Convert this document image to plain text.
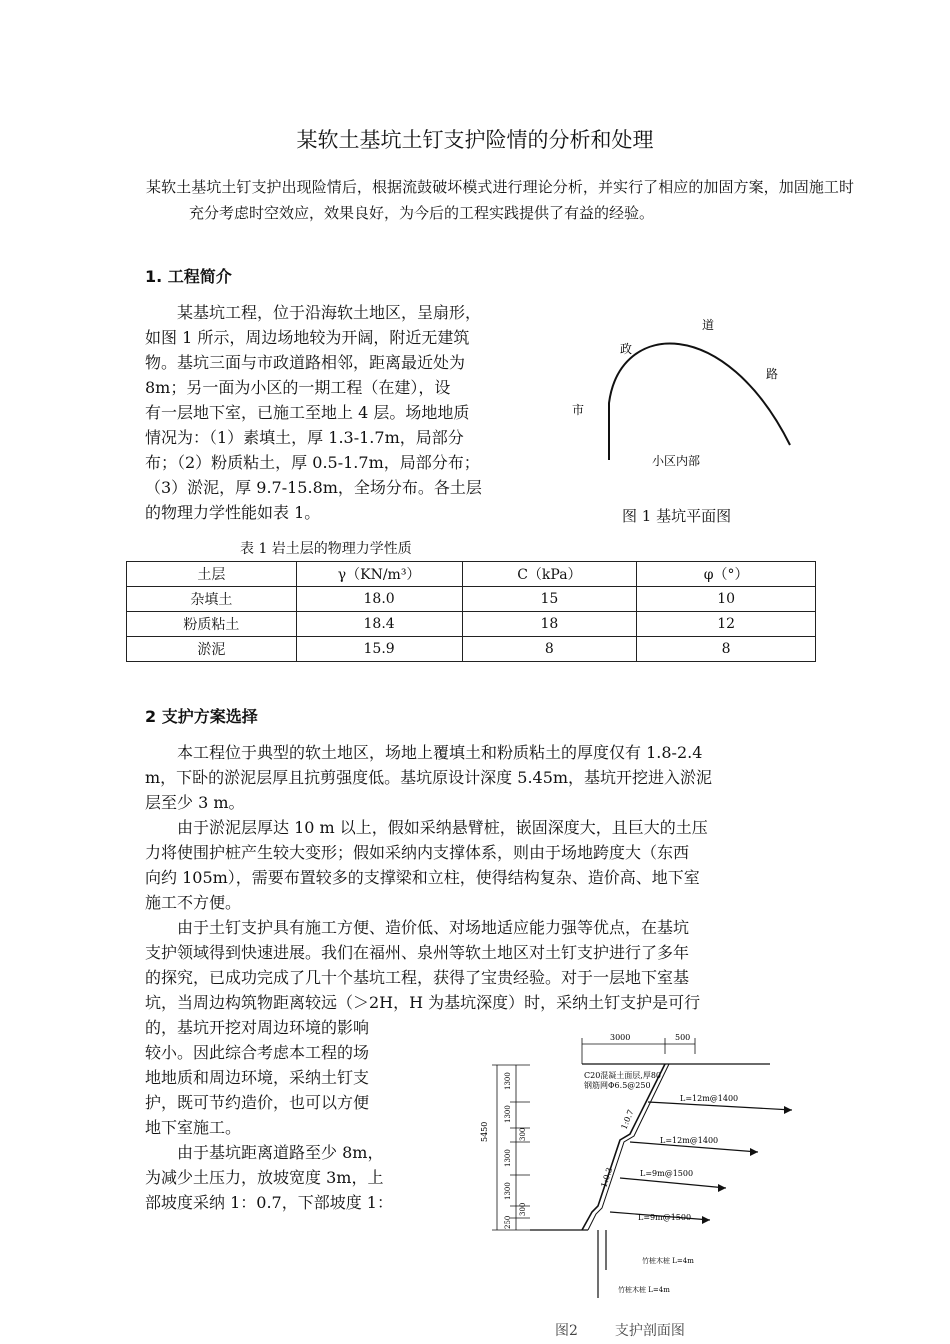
某软土基坑土钉支护险情的分析和处理
某软土基坑土钉支护出现险情后，根据流鼓破坏模式进行理论分析，并实行了相应的加固方案，加固施工时充分考虑时空效应，效果良好，为今后的工程实践提供了有益的经验。
1. 工程简介
某基坑工程，位于沿海软土地区，呈扇形，
如图 1 所示，周边场地较为开阔，附近无建筑
物。基坑三面与市政道路相邻，距离最近处为
8m；另一面为小区的一期工程（在建），设
有一层地下室，已施工至地上 4 层。场地地质
情况为：（1）素填土，厚 1.3-1.7m，局部分
布；（2）粉质粘土，厚 0.5-1.7m，局部分布；
（3）淤泥，厚 9.7-15.8m，全场分布。各土层
的物理力学性能如表 1。
市
政
道
路
小区内部
图 1 基坑平面图
表 1 岩土层的物理力学性质
土层	γ（KN/m³）	C（kPa）	φ（°）
杂填土	18.0	15	10
粉质粘土	18.4	18	12
淤泥	15.9	8	8
2 支护方案选择
本工程位于典型的软土地区，场地上覆填土和粉质粘土的厚度仅有 1.8-2.4
m，下卧的淤泥层厚且抗剪强度低。基坑原设计深度 5.45m，基坑开挖进入淤泥
层至少 3 m。
由于淤泥层厚达 10 m 以上，假如采纳悬臂桩，嵌固深度大，且巨大的土压
力将使围护桩产生较大变形；假如采纳内支撑体系，则由于场地跨度大（东西
向约 105m），需要布置较多的支撑梁和立柱，使得结构复杂、造价高、地下室
施工不方便。
由于土钉支护具有施工方便、造价低、对场地适应能力强等优点，在基坑
支护领域得到快速进展。我们在福州、泉州等软土地区对土钉支护进行了多年
的探究，已成功完成了几十个基坑工程，获得了宝贵经验。对于一层地下室基
坑，当周边构筑物距离较远（＞2H，H 为基坑深度）时，采纳土钉支护是可行
的，基坑开挖对周边环境的影响
较小。因此综合考虑本工程的场
地地质和周边环境，采纳土钉支
护，既可节约造价，也可以方便
地下室施工。
由于基坑距离道路至少 8m，
为减少土压力，放坡宽度 3m，上
部坡度采纳 1：0.7，下部坡度 1：
3000	500
5450
1300
1300
300
1300
1300
300
250
C20混凝土面层,厚80
钢筋网Φ6.5@250
1:0.7
1:0.3
L=12m@1400
L=12m@1400
L=9m@1500
L=9m@1500
竹桩木桩 L=4m
竹桩木桩 L=4m
图2	支护剖面图
